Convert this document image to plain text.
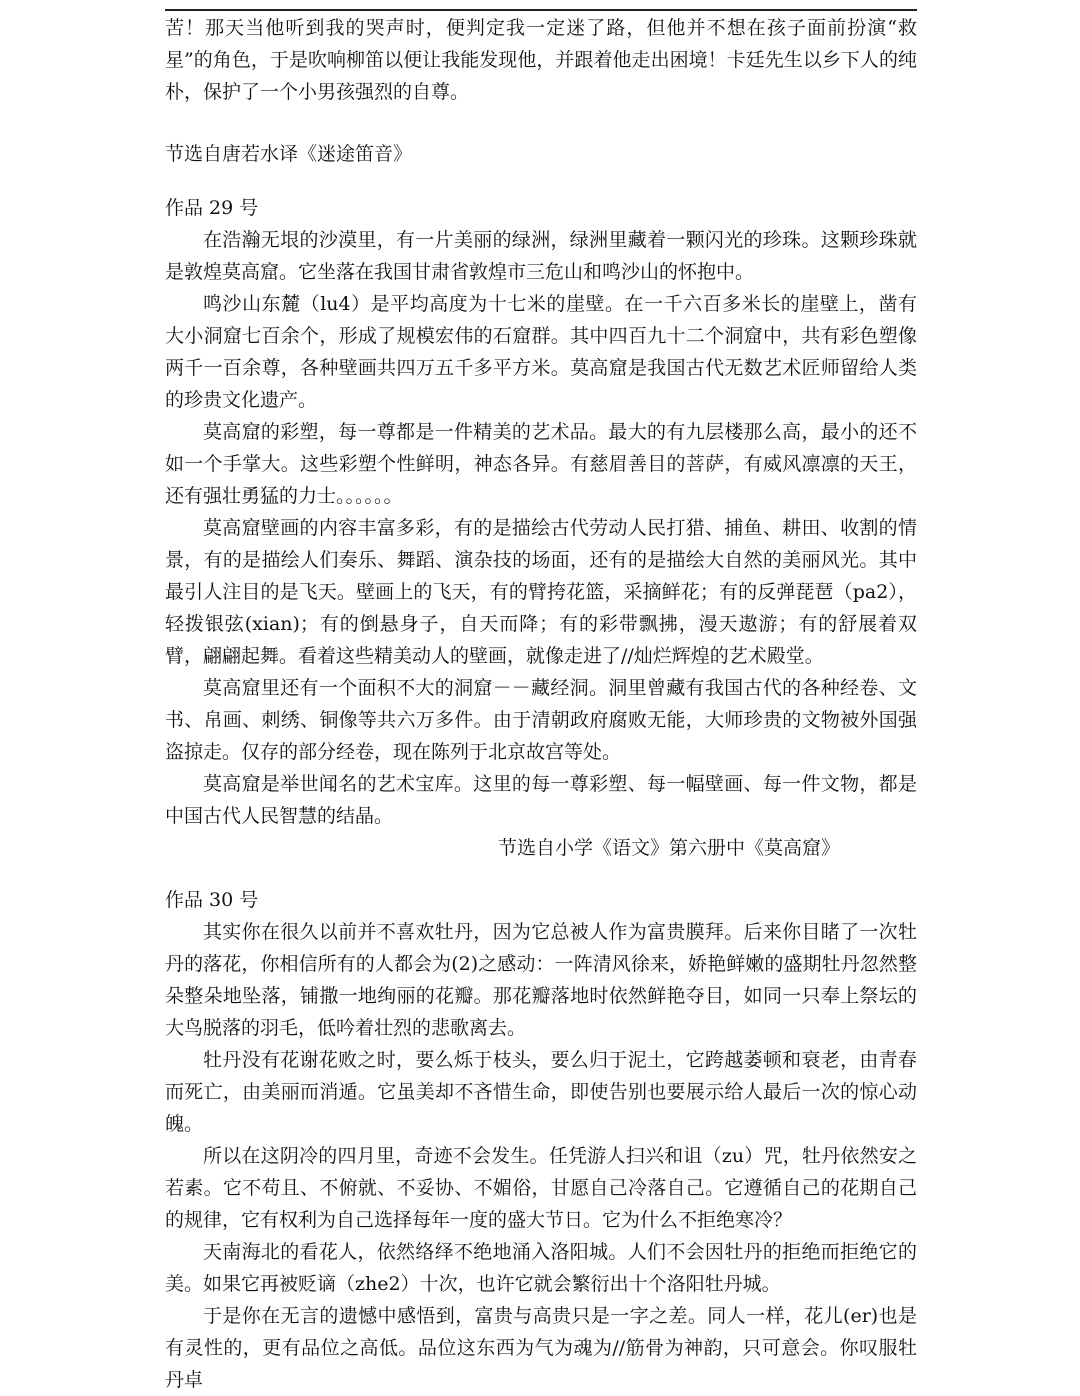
苦！那天当他听到我的哭声时，便判定我一定迷了路，但他并不想在孩子面前扮演“救星”的角色，于是吹响柳笛以便让我能发现他，并跟着他走出困境！卡廷先生以乡下人的纯朴，保护了一个小男孩强烈的自尊。

节选自唐若水译《迷途笛音》

作品 29 号

在浩瀚无垠的沙漠里，有一片美丽的绿洲，绿洲里藏着一颗闪光的珍珠。这颗珍珠就是敦煌莫高窟。它坐落在我国甘肃省敦煌市三危山和鸣沙山的怀抱中。

鸣沙山东麓（lu4）是平均高度为十七米的崖壁。在一千六百多米长的崖壁上，凿有大小洞窟七百余个，形成了规模宏伟的石窟群。其中四百九十二个洞窟中，共有彩色塑像两千一百余尊，各种壁画共四万五千多平方米。莫高窟是我国古代无数艺术匠师留给人类的珍贵文化遗产。

莫高窟的彩塑，每一尊都是一件精美的艺术品。最大的有九层楼那么高，最小的还不如一个手掌大。这些彩塑个性鲜明，神态各异。有慈眉善目的菩萨，有威风凛凛的天王，还有强壮勇猛的力士。。。。。。

莫高窟壁画的内容丰富多彩，有的是描绘古代劳动人民打猎、捕鱼、耕田、收割的情景，有的是描绘人们奏乐、舞蹈、演杂技的场面，还有的是描绘大自然的美丽风光。其中最引人注目的是飞天。壁画上的飞天，有的臂挎花篮，采摘鲜花；有的反弹琵琶（pa2），轻拨银弦(xian)；有的倒悬身子，自天而降；有的彩带飘拂，漫天遨游；有的舒展着双臂，翩翩起舞。看着这些精美动人的壁画，就像走进了//灿烂辉煌的艺术殿堂。

莫高窟里还有一个面积不大的洞窟－－藏经洞。洞里曾藏有我国古代的各种经卷、文书、帛画、刺绣、铜像等共六万多件。由于清朝政府腐败无能，大师珍贵的文物被外国强盗掠走。仅存的部分经卷，现在陈列于北京故宫等处。

莫高窟是举世闻名的艺术宝库。这里的每一尊彩塑、每一幅壁画、每一件文物，都是中国古代人民智慧的结晶。

节选自小学《语文》第六册中《莫高窟》

作品 30 号

其实你在很久以前并不喜欢牡丹，因为它总被人作为富贵膜拜。后来你目睹了一次牡丹的落花，你相信所有的人都会为(2)之感动：一阵清风徐来，娇艳鲜嫩的盛期牡丹忽然整朵整朵地坠落，铺撒一地绚丽的花瓣。那花瓣落地时依然鲜艳夺目，如同一只奉上祭坛的大鸟脱落的羽毛，低吟着壮烈的悲歌离去。

牡丹没有花谢花败之时，要么烁于枝头，要么归于泥土，它跨越萎顿和衰老，由青春而死亡，由美丽而消遁。它虽美却不吝惜生命，即使告别也要展示给人最后一次的惊心动魄。

所以在这阴冷的四月里，奇迹不会发生。任凭游人扫兴和诅（zu）咒，牡丹依然安之若素。它不苟且、不俯就、不妥协、不媚俗，甘愿自己冷落自己。它遵循自己的花期自己的规律，它有权利为自己选择每年一度的盛大节日。它为什么不拒绝寒冷？

天南海北的看花人，依然络绎不绝地涌入洛阳城。人们不会因牡丹的拒绝而拒绝它的美。如果它再被贬谪（zhe2）十次，也许它就会繁衍出十个洛阳牡丹城。

于是你在无言的遗憾中感悟到，富贵与高贵只是一字之差。同人一样，花儿(er)也是有灵性的，更有品位之高低。品位这东西为气为魂为//筋骨为神韵，只可意会。你叹服牡丹卓
